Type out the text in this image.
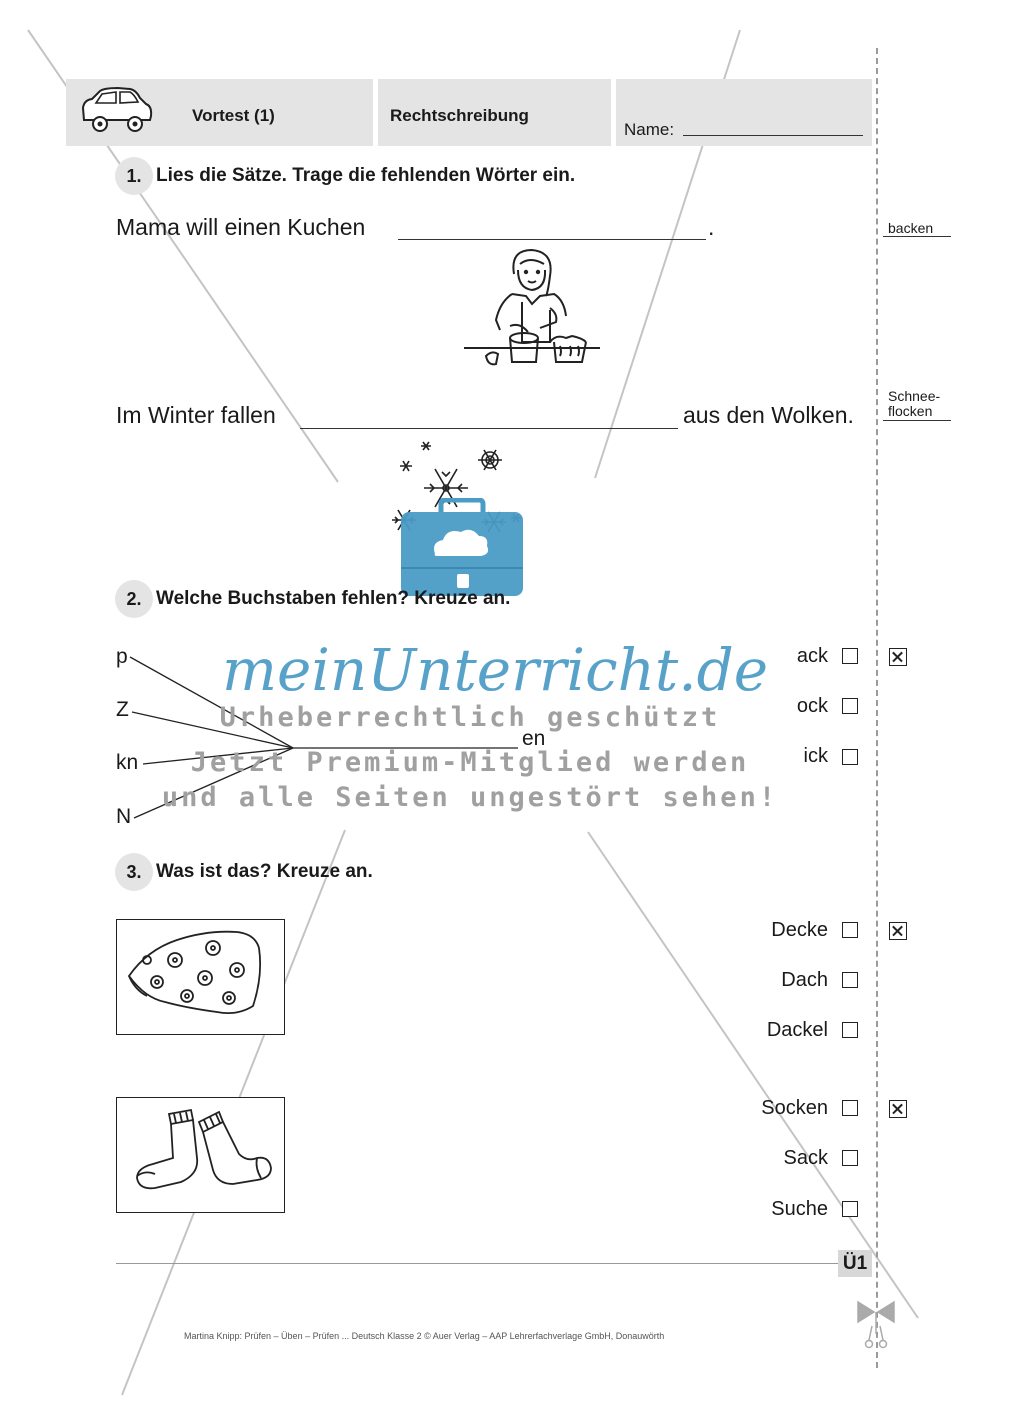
Vortest (1)	Rechtschreibung
Name:
1. Lies die Sätze. Trage die fehlenden Wörter ein.
Mama will einen Kuchen	.	backen
Im Winter fallen	aus den Wolken.
Schnee-
flocken
2. Welche Buchstaben fehlen? Kreuze an.
p
Z
kn
N
en
ack
ock
ick
meinUnterricht.de
Urheberrechtlich geschützt
Jetzt Premium-Mitglied werden
und alle Seiten ungestört sehen!
3. Was ist das? Kreuze an.
Decke
Dach
Dackel
Socken
Sack
Suche
Ü1
Martina Knipp: Prüfen – Üben – Prüfen ... Deutsch Klasse 2 © Auer Verlag – AAP Lehrerfachverlage GmbH, Donauwörth
